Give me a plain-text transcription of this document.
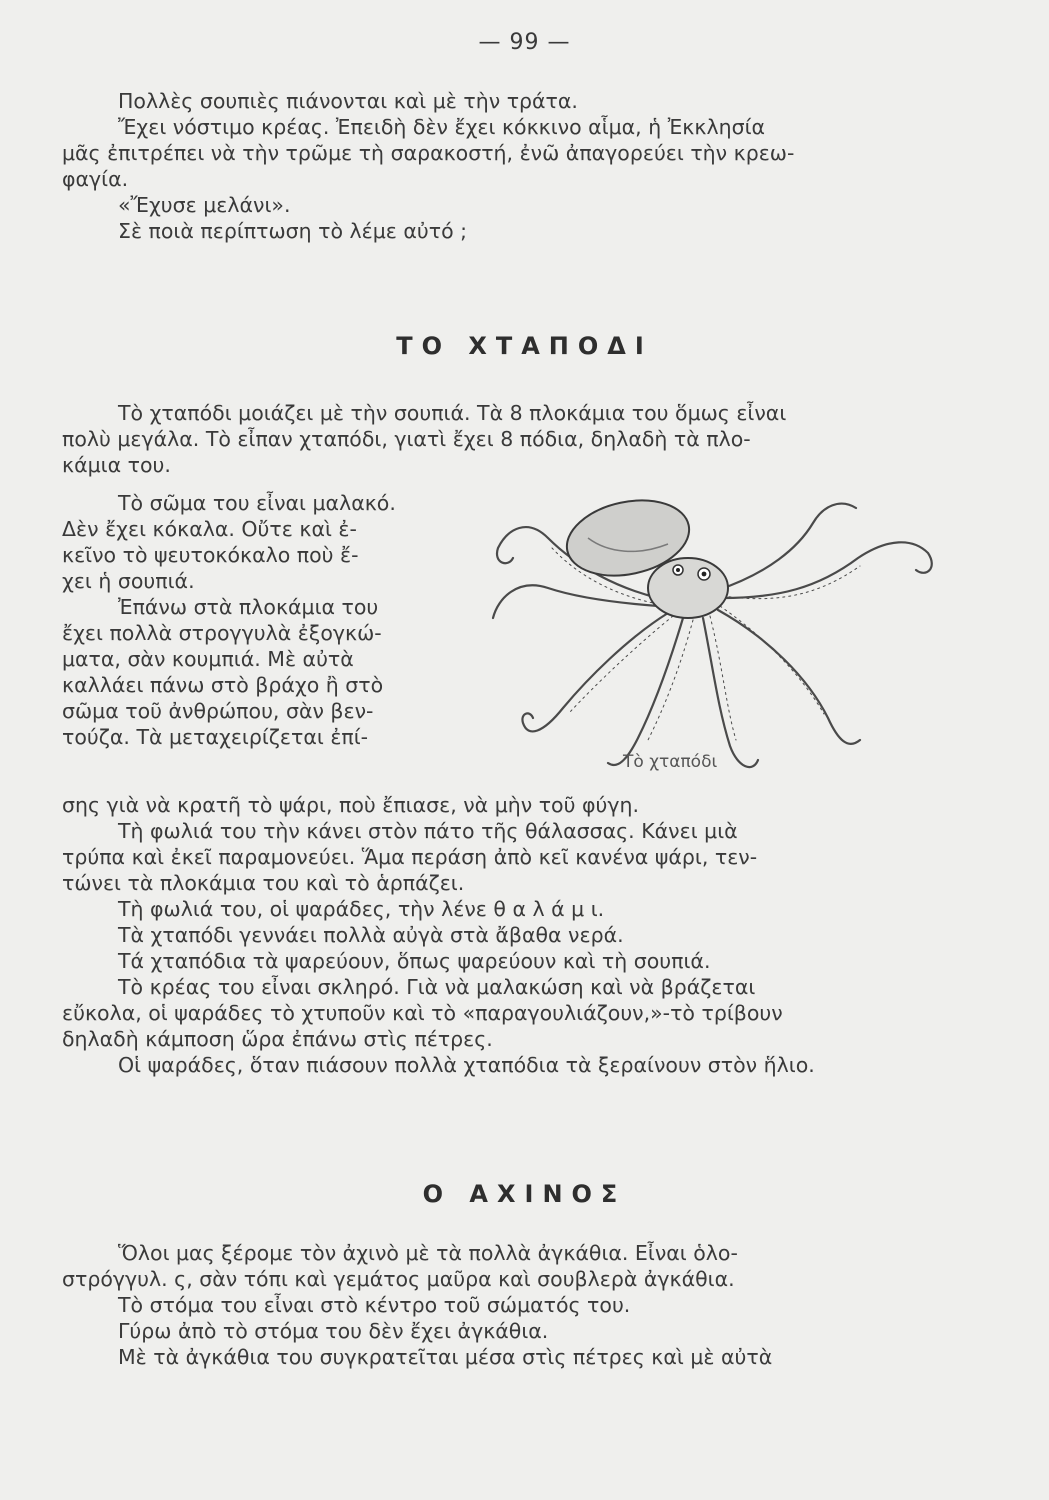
— 99 —

Πολλὲς σουπιὲς πιάνονται καὶ μὲ τὴν τράτα.

Ἔχει νόστιμο κρέας. Ἐπειδὴ δὲν ἔχει κόκκινο αἷμα, ἡ Ἐκκλησία

μᾶς ἐπιτρέπει νὰ τὴν τρῶμε τὴ σαρακοστή, ἐνῶ ἀπαγορεύει τὴν κρεω-

φαγία.

«Ἔχυσε μελάνι».

Σὲ ποιὰ περίπτωση τὸ λέμε αὐτό ;

ΤΟ ΧΤΑΠΟΔΙ

Τὸ χταπόδι μοιάζει μὲ τὴν σουπιά. Τὰ 8 πλοκάμια του ὅμως εἶναι

πολὺ μεγάλα. Τὸ εἶπαν χταπόδι, γιατὶ ἔχει 8 πόδια, δηλαδὴ τὰ πλο-

κάμια του.

Τὸ σῶμα του εἶναι μαλακό.

Δὲν ἔχει κόκαλα. Οὔτε καὶ ἐ-

κεῖνο τὸ ψευτοκόκαλο ποὺ ἔ-

χει ἡ σουπιά.

Ἐπάνω στὰ πλοκάμια του

ἔχει πολλὰ στρογγυλὰ ἐξογκώ-

ματα, σὰν κουμπιά. Μὲ αὐτὰ

καλλάει πάνω στὸ βράχο ἢ στὸ

σῶμα τοῦ ἀνθρώπου, σὰν βεν-

τούζα. Τὰ μεταχειρίζεται ἐπί-

Τὸ χταπόδι

σης γιὰ νὰ κρατῆ τὸ ψάρι, ποὺ ἔπιασε, νὰ μὴν τοῦ φύγη.

Τὴ φωλιά του τὴν κάνει στὸν πάτο τῆς θάλασσας. Κάνει μιὰ

τρύπα καὶ ἐκεῖ παραμονεύει. Ἅμα περάση ἀπὸ κεῖ κανένα ψάρι, τεν-

τώνει τὰ πλοκάμια του καὶ τὸ ἁρπάζει.

Τὴ φωλιά του, οἱ ψαράδες, τὴν λένε θ α λ ά μ ι.

Τὰ χταπόδι γεννάει πολλὰ αὐγὰ στὰ ἄβαθα νερά.

Τά χταπόδια τὰ ψαρεύουν, ὅπως ψαρεύουν καὶ τὴ σουπιά.

Τὸ κρέας του εἶναι σκληρό. Γιὰ νὰ μαλακώση καὶ νὰ βράζεται

εὔκολα, οἱ ψαράδες τὸ χτυποῦν καὶ τὸ «παραγουλιάζουν,»-τὸ τρίβουν

δηλαδὴ κάμποση ὥρα ἐπάνω στὶς πέτρες.

Οἱ ψαράδες, ὅταν πιάσουν πολλὰ χταπόδια τὰ ξεραίνουν στὸν ἥλιο.

Ο ΑΧΙΝΟΣ

Ὅλοι μας ξέρομε τὸν ἀχινὸ μὲ τὰ πολλὰ ἀγκάθια. Εἶναι ὁλο-

στρόγγυλ. ς, σὰν τόπι καὶ γεμάτος μαῦρα καὶ σουβλερὰ ἀγκάθια.

Τὸ στόμα του εἶναι στὸ κέντρο τοῦ σώματός του.

Γύρω ἀπὸ τὸ στόμα του δὲν ἔχει ἀγκάθια.

Μὲ τὰ ἀγκάθια του συγκρατεῖται μέσα στὶς πέτρες καὶ μὲ αὐτὰ
